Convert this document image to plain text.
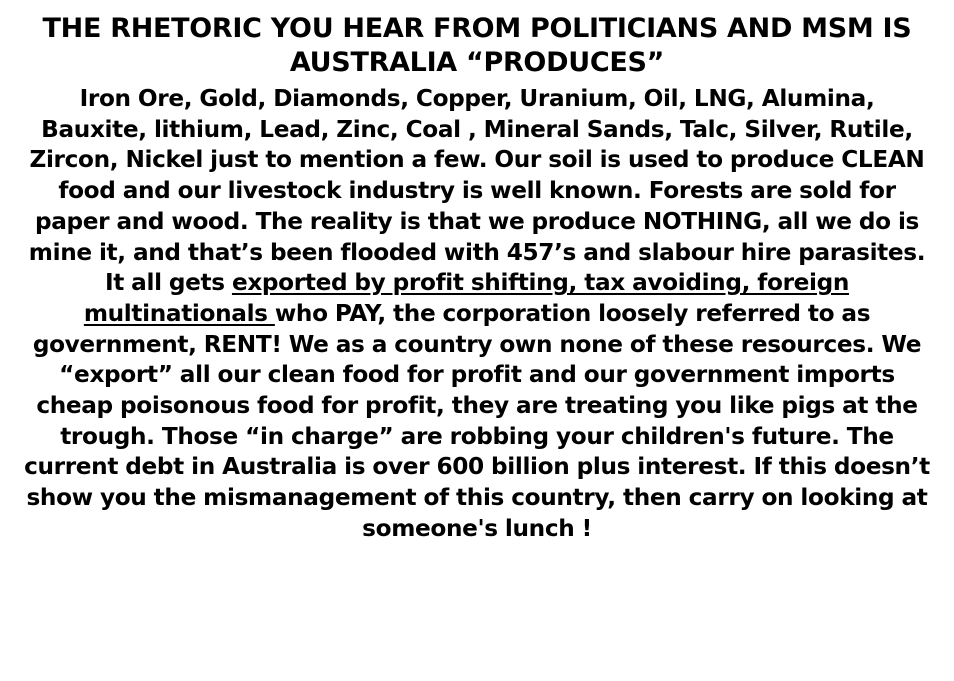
THE RHETORIC YOU HEAR FROM POLITICIANS AND MSM IS
AUSTRALIA “PRODUCES”

Iron Ore, Gold, Diamonds, Copper, Uranium, Oil, LNG, Alumina,
Bauxite, lithium, Lead, Zinc, Coal , Mineral Sands, Talc, Silver, Rutile,
Zircon, Nickel just to mention a few. Our soil is used to produce CLEAN
food and our livestock industry is well known. Forests are sold for
paper and wood. The reality is that we produce NOTHING, all we do is
mine it, and that’s been flooded with 457’s and slabour hire parasites.
It all gets exported by profit shifting, tax avoiding, foreign
multinationals who PAY, the corporation loosely referred to as
government, RENT! We as a country own none of these resources. We
“export” all our clean food for profit and our government imports
cheap poisonous food for profit, they are treating you like pigs at the
trough. Those “in charge” are robbing your children's future. The
current debt in Australia is over 600 billion plus interest. If this doesn’t
show you the mismanagement of this country, then carry on looking at
someone's lunch !
